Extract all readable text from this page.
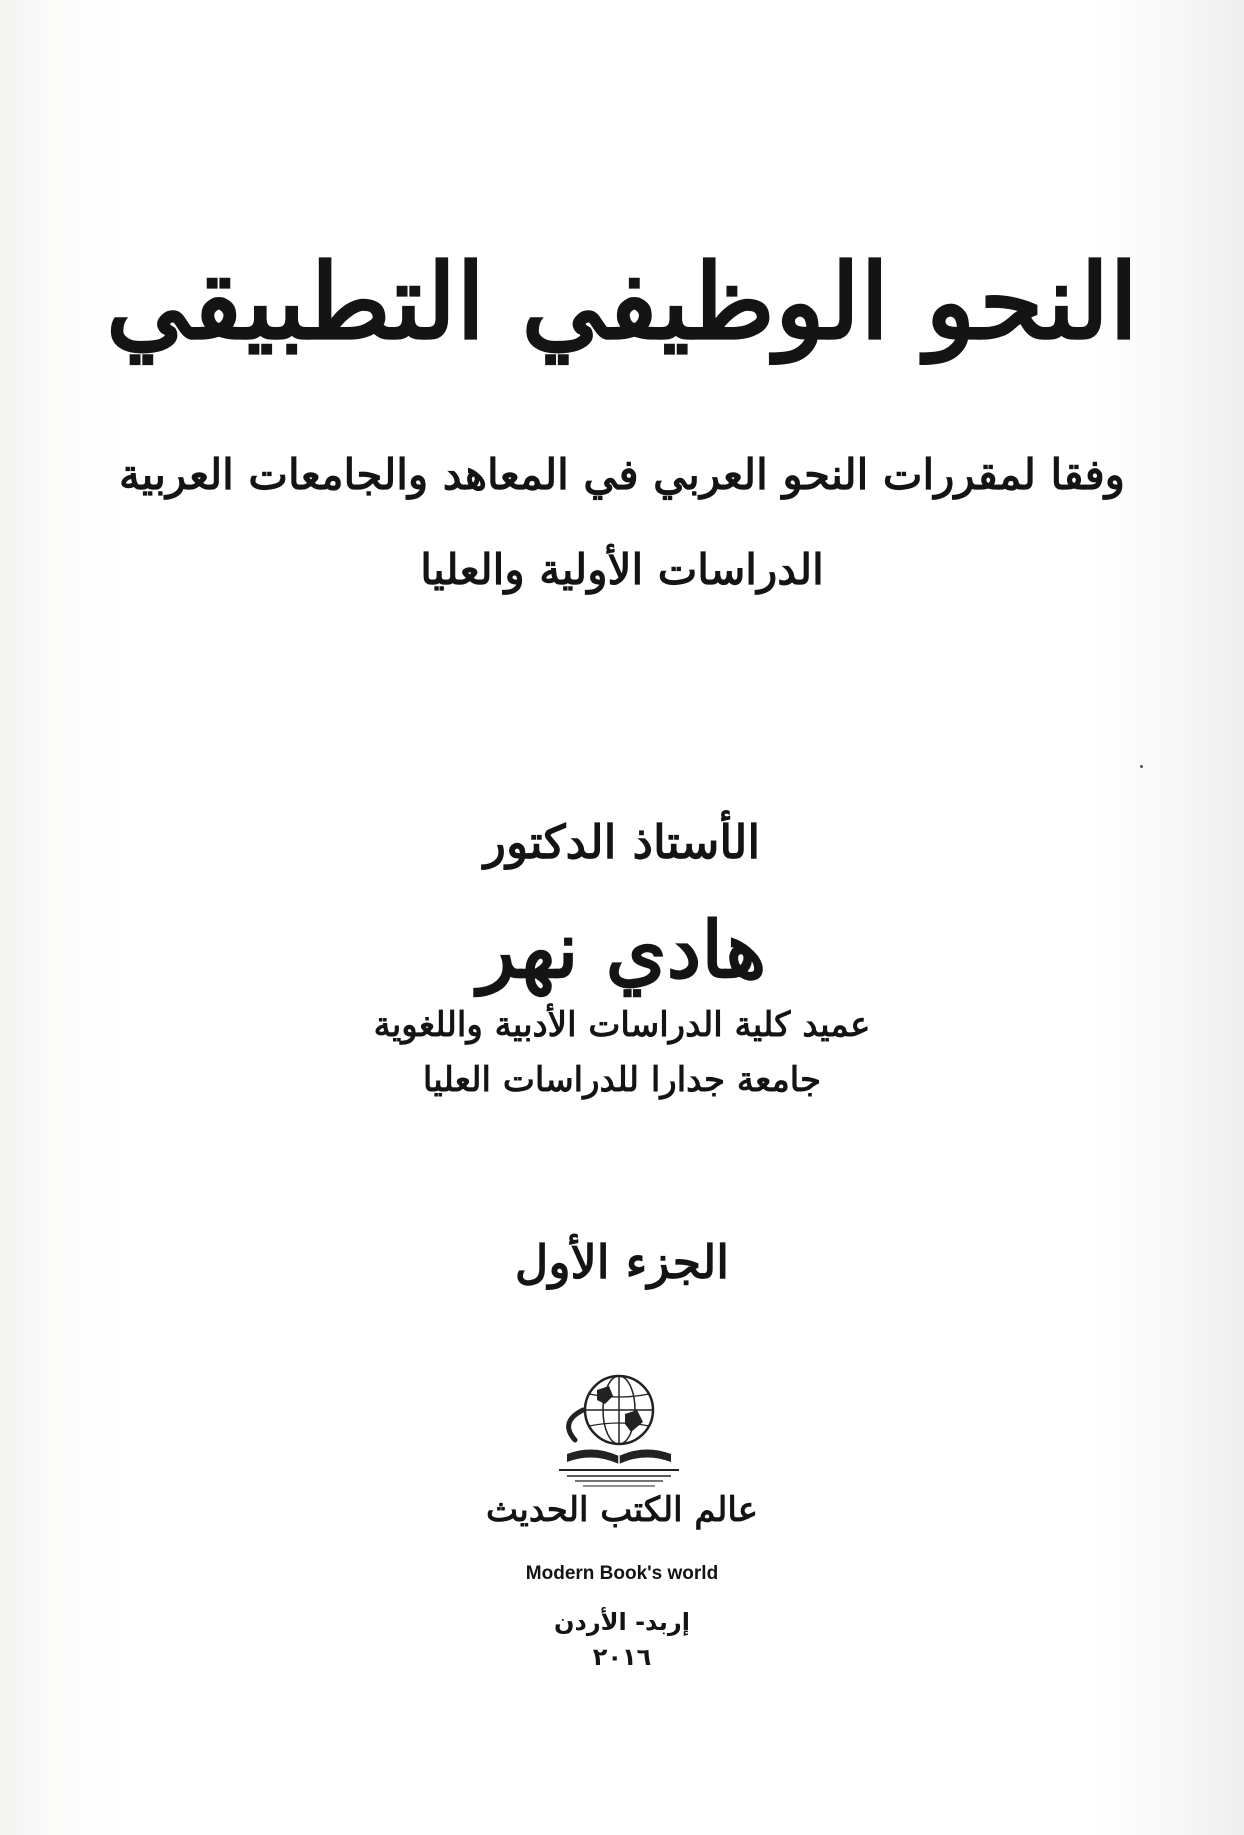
النحو الوظيفي التطبيقي
وفقا لمقررات النحو العربي في المعاهد والجامعات العربية
الدراسات الأولية والعليا
الأستاذ الدكتور
هادي نهر
عميد كلية الدراسات الأدبية واللغوية
جامعة جدارا للدراسات العليا
الجزء الأول
عالم الكتب الحديث
Modern Book's world
إربد- الأردن
٢٠١٦
